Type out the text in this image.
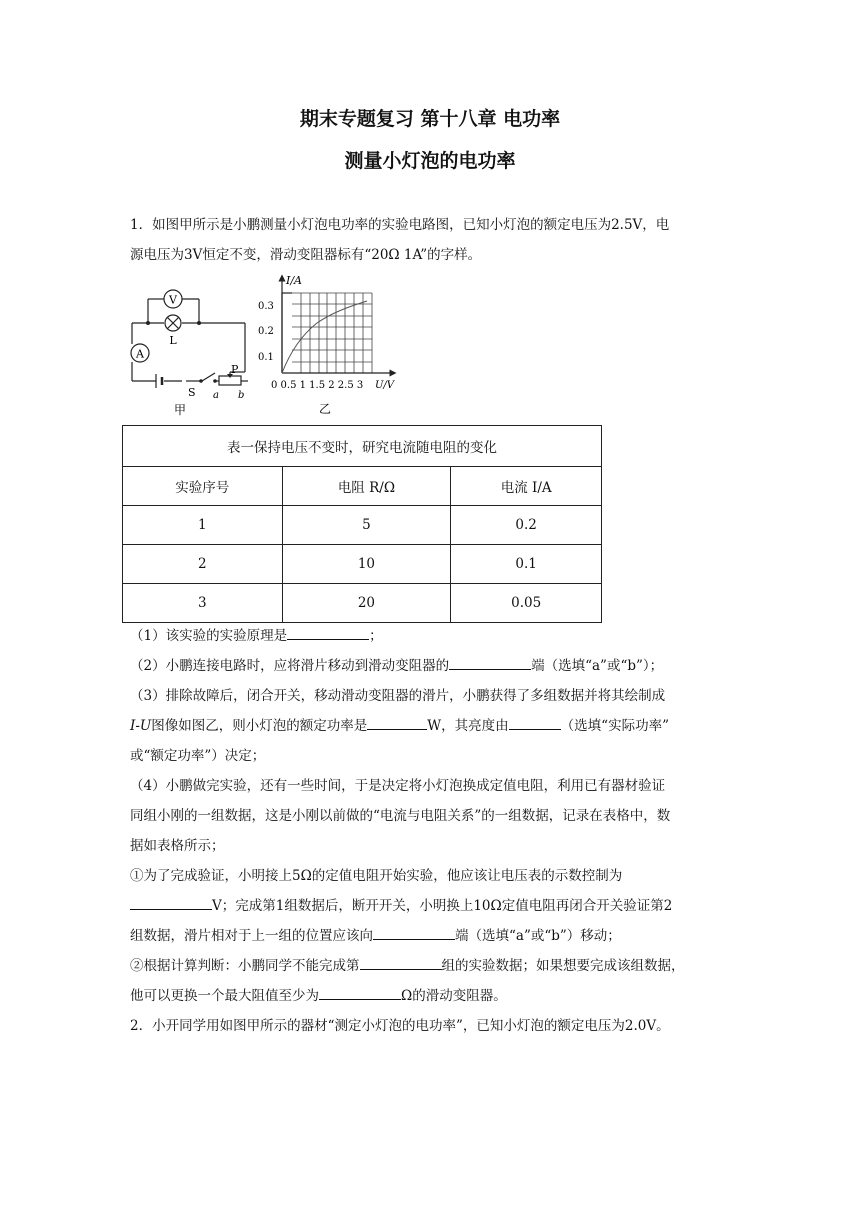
期末专题复习 第十八章 电功率
测量小灯泡的电功率

1．如图甲所示是小鹏测量小灯泡电功率的实验电路图，已知小灯泡的额定电压为2.5V，电

源电压为3V恒定不变，滑动变阻器标有“20Ω 1A”的字样。

V
L
A
S
P
a b
甲
I/A
0.3
0.2
0.1
0 0.5 1 1.5 2 2.5 3 U/V
乙
表一保持电压不变时，研究电流随电阻的变化		
实验序号	电阻 R/Ω	电流 I/A
1	5	0.2
2	10	0.1
3	20	0.05

（1）该实验的实验原理是	；

（2）小鹏连接电路时，应将滑片移动到滑动变阻器的	端（选填“a”或“b”）；

（3）排除故障后，闭合开关，移动滑动变阻器的滑片，小鹏获得了多组数据并将其绘制成

I-U图像如图乙，则小灯泡的额定功率是	W，其亮度由	（选填“实际功率”

或“额定功率”）决定；

（4）小鹏做完实验，还有一些时间，于是决定将小灯泡换成定值电阻，利用已有器材验证

同组小刚的一组数据，这是小刚以前做的“电流与电阻关系”的一组数据，记录在表格中，数

据如表格所示；

①为了完成验证，小明接上5Ω的定值电阻开始实验，他应该让电压表的示数控制为

V；完成第1组数据后，断开开关，小明换上10Ω定值电阻再闭合开关验证第2

组数据，滑片相对于上一组的位置应该向	端（选填“a”或“b”）移动；

②根据计算判断：小鹏同学不能完成第	组的实验数据；如果想要完成该组数据，

他可以更换一个最大阻值至少为	Ω的滑动变阻器。

2．小开同学用如图甲所示的器材“测定小灯泡的电功率”，已知小灯泡的额定电压为2.0V。
